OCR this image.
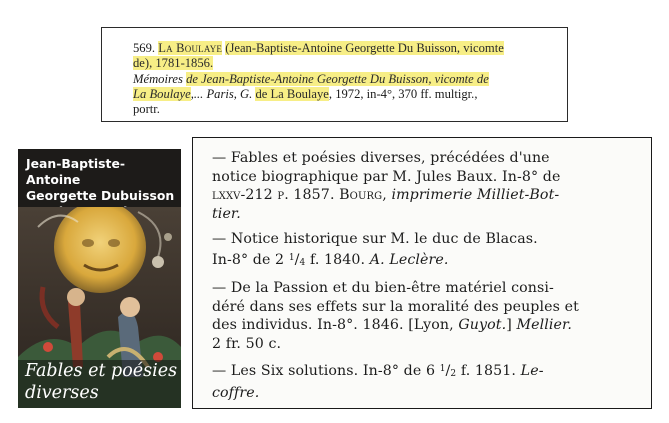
569. La Boulaye (Jean-Baptiste-Antoine Georgette Du Buisson, vicomte

de), 1781-1856.

Mémoires de Jean-Baptiste-Antoine Georgette Du Buisson, vicomte de

La Boulaye,... Paris, G. de La Boulaye, 1972, in-4°, 370 ff. multigr.,

portr.

Jean-Baptiste-Antoine
Georgette Dubuisson
Fables et poésies
diverses
— Fables et poésies diverses, précédées d'une
notice biographique par M. Jules Baux. In-8° de
lxxv-212 p. 1857. Bourg, imprimerie Milliet-Bot-
tier.
— Notice historique sur M. le duc de Blacas.
In-8° de 2 $^1$/4 f. 1840. A. Leclère.
— De la Passion et du bien-être matériel consi-
déré dans ses effets sur la moralité des peuples et
des individus. In-8°. 1846. [Lyon, Guyot.] Mellier.
2 fr. 50 c.
— Les Six solutions. In-8° de 6 $^1$/2 f. 1851. Le-
coffre.
